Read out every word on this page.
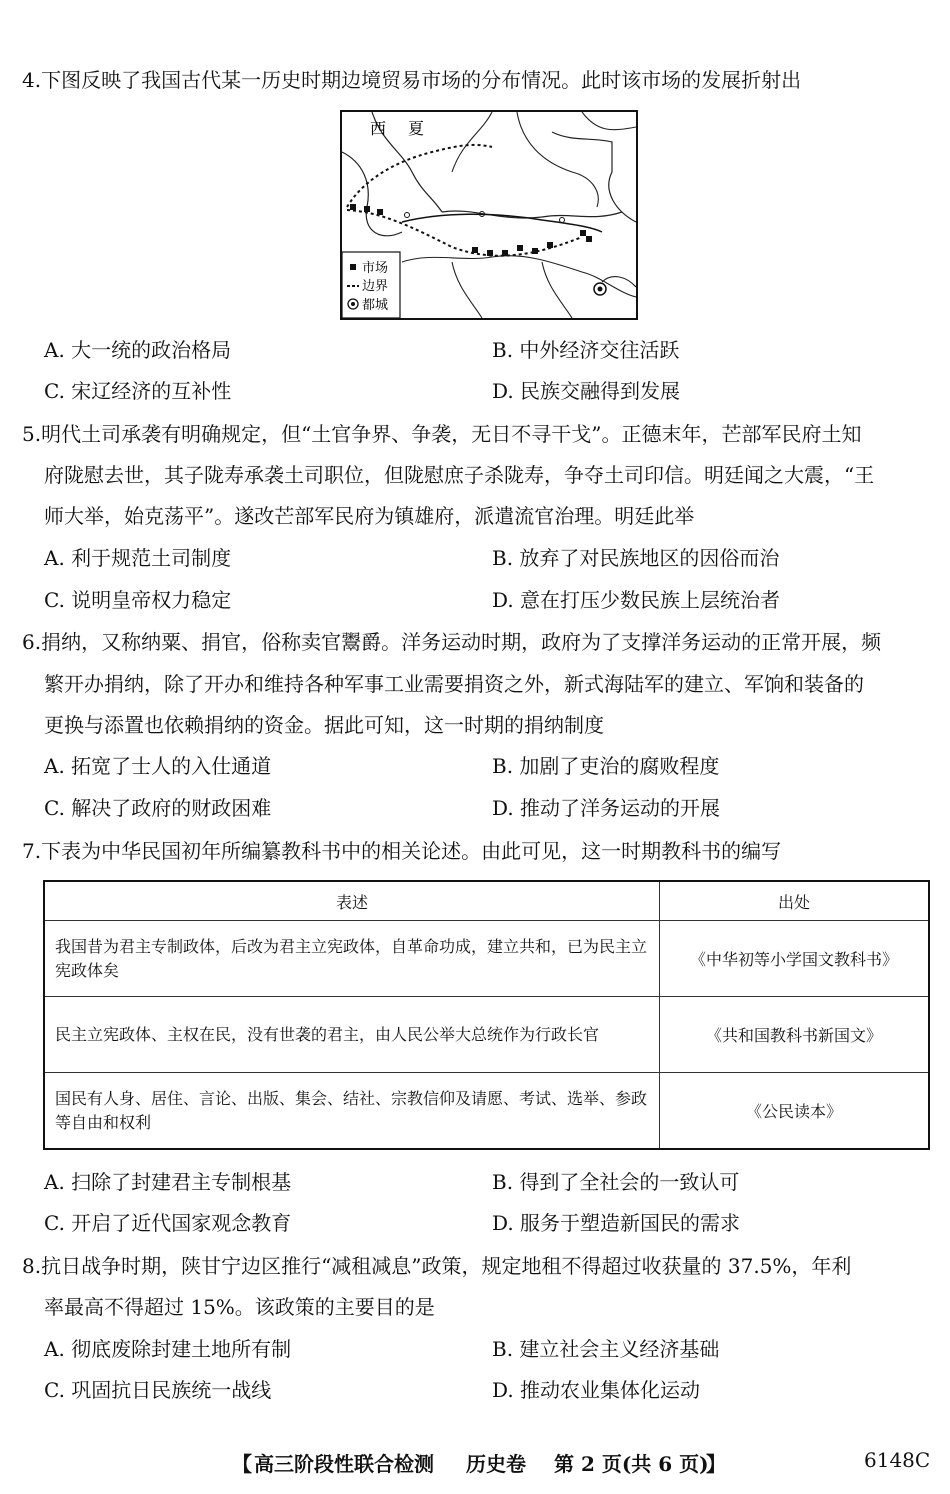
4.下图反映了我国古代某一历史时期边境贸易市场的分布情况。此时该市场的发展折射出
西 夏
市场
边界
都城
A. 大一统的政治格局	B. 中外经济交往活跃
C. 宋辽经济的互补性	D. 民族交融得到发展
5.明代土司承袭有明确规定，但“土官争界、争袭，无日不寻干戈”。正德末年，芒部军民府土知
府陇慰去世，其子陇寿承袭土司职位，但陇慰庶子杀陇寿，争夺土司印信。明廷闻之大震，“王
师大举，始克荡平”。遂改芒部军民府为镇雄府，派遣流官治理。明廷此举
A. 利于规范土司制度	B. 放弃了对民族地区的因俗而治
C. 说明皇帝权力稳定	D. 意在打压少数民族上层统治者
6.捐纳，又称纳粟、捐官，俗称卖官鬻爵。洋务运动时期，政府为了支撑洋务运动的正常开展，频
繁开办捐纳，除了开办和维持各种军事工业需要捐资之外，新式海陆军的建立、军饷和装备的
更换与添置也依赖捐纳的资金。据此可知，这一时期的捐纳制度
A. 拓宽了士人的入仕通道	B. 加剧了吏治的腐败程度
C. 解决了政府的财政困难	D. 推动了洋务运动的开展
7.下表为中华民国初年所编纂教科书中的相关论述。由此可见，这一时期教科书的编写
表述	出处
我国昔为君主专制政体，后改为君主立宪政体，自革命功成，建立共和，已为民主立宪政体矣	《中华初等小学国文教科书》
民主立宪政体、主权在民，没有世袭的君主，由人民公举大总统作为行政长官	《共和国教科书新国文》
国民有人身、居住、言论、出版、集会、结社、宗教信仰及请愿、考试、选举、参政等自由和权利	《公民读本》
A. 扫除了封建君主专制根基	B. 得到了全社会的一致认可
C. 开启了近代国家观念教育	D. 服务于塑造新国民的需求
8.抗日战争时期，陕甘宁边区推行“减租减息”政策，规定地租不得超过收获量的 37.5%，年利
率最高不得超过 15%。该政策的主要目的是
A. 彻底废除封建土地所有制	B. 建立社会主义经济基础
C. 巩固抗日民族统一战线	D. 推动农业集体化运动
【 高三阶段性联合检测 历史卷 第 2 页(共 6 页)
】	6148C
